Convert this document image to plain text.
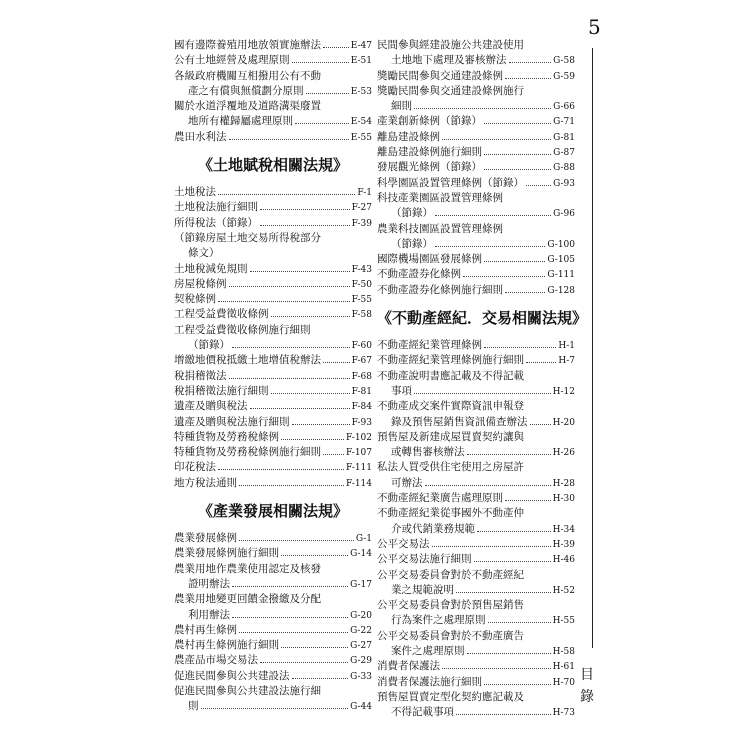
5
國有邊際養殖用地放領實施辦法	E-47
公有土地經營及處理原則	E-51
各級政府機關互相撥用公有不動
產之有償與無償劃分原則	E-53
關於水道浮覆地及道路溝渠廢置
地所有權歸屬處理原則	E-54
農田水利法	E-55
《土地賦稅相關法規》
土地稅法	F-1
土地稅法施行細則	F-27
所得稅法（節錄）	F-39
（節錄房屋土地交易所得稅部分
條文）
土地稅減免規則	F-43
房屋稅條例	F-50
契稅條例	F-55
工程受益費徵收條例	F-58
工程受益費徵收條例施行細則
（節錄）	F-60
增繳地價稅抵繳土地增值稅辦法	F-67
稅捐稽徵法	F-68
稅捐稽徵法施行細則	F-81
遺產及贈與稅法	F-84
遺產及贈與稅法施行細則	F-93
特種貨物及勞務稅條例	F-102
特種貨物及勞務稅條例施行細則	F-107
印花稅法	F-111
地方稅法通則	F-114
《產業發展相關法規》
農業發展條例	G-1
農業發展條例施行細則	G-14
農業用地作農業使用認定及核發
證明辦法	G-17
農業用地變更回饋金撥繳及分配
利用辦法	G-20
農村再生條例	G-22
農村再生條例施行細則	G-27
農產品市場交易法	G-29
促進民間參與公共建設法	G-33
促進民間參與公共建設法施行細
則	G-44
民間參與經建設施公共建設使用
土地地下處理及審核辦法	G-58
獎勵民間參與交通建設條例	G-59
獎勵民間參與交通建設條例施行
細則	G-66
產業創新條例（節錄）	G-71
離島建設條例	G-81
離島建設條例施行細則	G-87
發展觀光條例（節錄）	G-88
科學園區設置管理條例（節錄）	G-93
科技產業園區設置管理條例
（節錄）	G-96
農業科技園區設置管理條例
（節錄）	G-100
國際機場園區發展條例	G-105
不動產證券化條例	G-111
不動產證券化條例施行細則	G-128
《不動產經紀．交易相關法規》
不動產經紀業管理條例	H-1
不動產經紀業管理條例施行細則	H-7
不動產說明書應記載及不得記載
事項	H-12
不動產成交案件實際資訊申報登
錄及預售屋銷售資訊備查辦法	H-20
預售屋及新建成屋買賣契約讓與
或轉售審核辦法	H-26
私法人買受供住宅使用之房屋許
可辦法	H-28
不動產經紀業廣告處理原則	H-30
不動產經紀業從事國外不動產仲
介或代銷業務規範	H-34
公平交易法	H-39
公平交易法施行細則	H-46
公平交易委員會對於不動產經紀
業之規範說明	H-52
公平交易委員會對於預售屋銷售
行為案件之處理原則	H-55
公平交易委員會對於不動產廣告
案件之處理原則	H-58
消費者保護法	H-61
消費者保護法施行細則	H-70
預售屋買賣定型化契約應記載及
不得記載事項	H-73
目
錄
